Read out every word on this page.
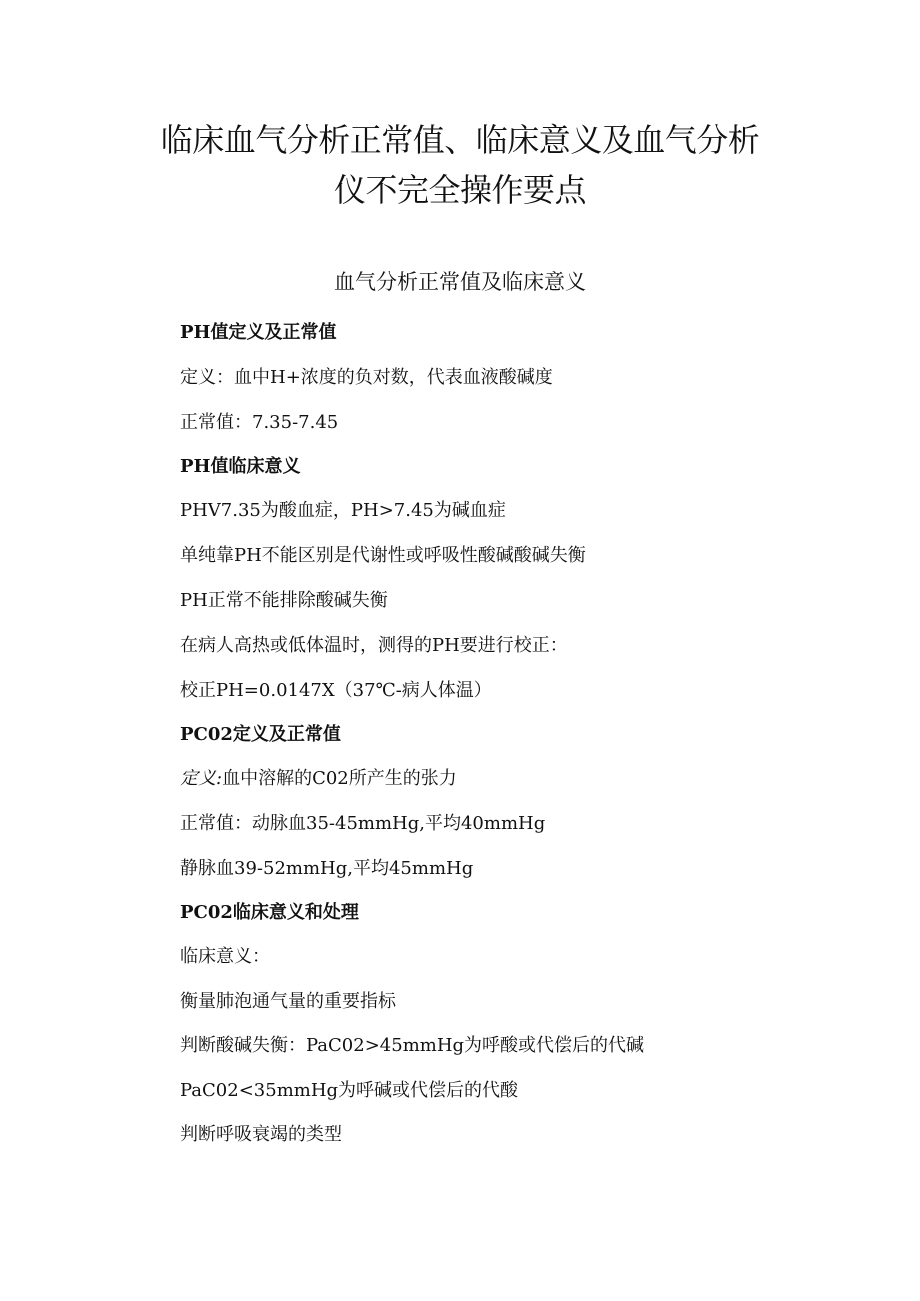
临床血气分析正常值、临床意义及血气分析
仪不完全操作要点
血气分析正常值及临床意义
PH值定义及正常值
定义：血中H+浓度的负对数，代表血液酸碱度
正常值：7.35-7.45
PH值临床意义
PHV7.35为酸血症，PH>7.45为碱血症
单纯靠PH不能区别是代谢性或呼吸性酸碱酸碱失衡
PH正常不能排除酸碱失衡
在病人高热或低体温时，测得的PH要进行校正：
校正PH=0.0147X（37℃-病人体温）
PC02定义及正常值
定义:血中溶解的C02所产生的张力
正常值：动脉血35-45mmHg,平均40mmHg
静脉血39-52mmHg,平均45mmHg
PC02临床意义和处理
临床意义：
衡量肺泡通气量的重要指标
判断酸碱失衡：PaC02>45mmHg为呼酸或代偿后的代碱
PaC02<35mmHg为呼碱或代偿后的代酸
判断呼吸衰竭的类型
